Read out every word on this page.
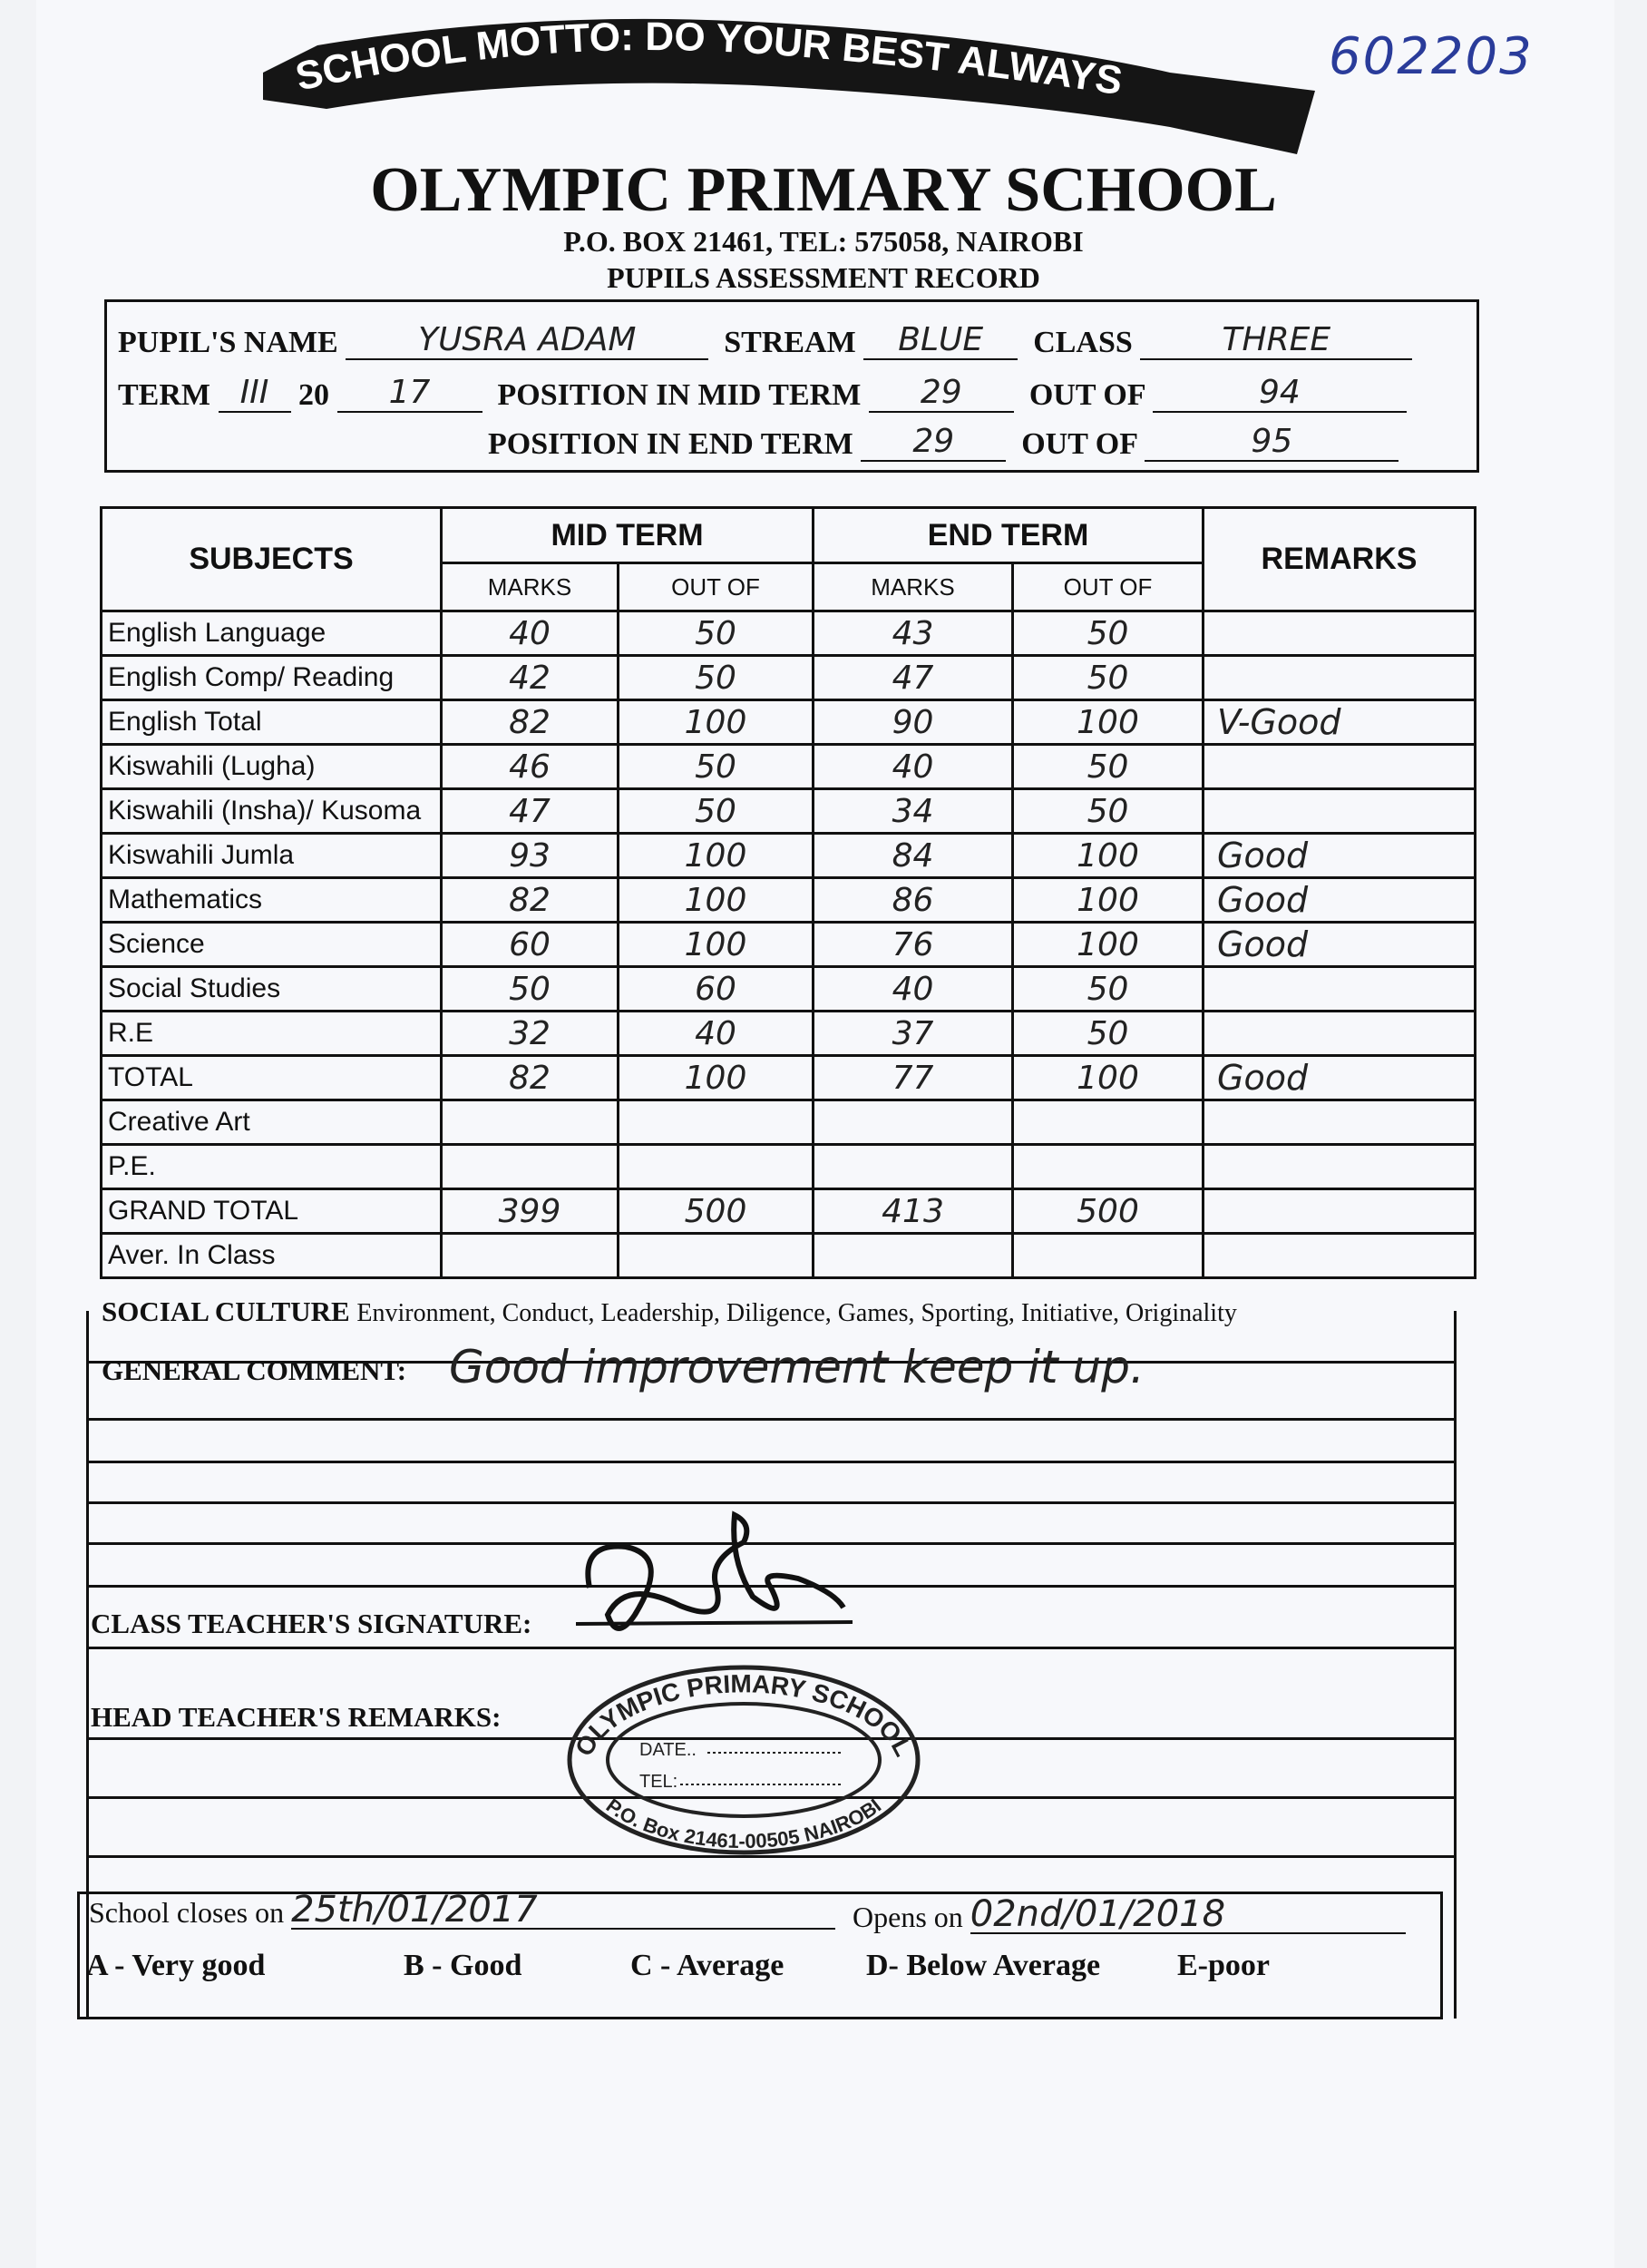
602203
SCHOOL MOTTO: DO YOUR BEST ALWAYS
OLYMPIC PRIMARY SCHOOL
P.O. BOX 21461, TEL: 575058, NAIROBI
PUPILS ASSESSMENT RECORD
PUPIL'S NAME YUSRA ADAM	STREAM BLUE CLASS	THREE
TERM III 20 17 POSITION IN MID TERM 29 OUT OF	94
POSITION IN END TERM 29 OUT OF	95
SUBJECTS	MID TERM		END TERM		REMARKS
	MARKS	OUT OF	MARKS	OUT OF	
English Language	40	50	43	50	
English Comp/ Reading	42	50	47	50	
English Total	82	100	90	100	V-Good
Kiswahili (Lugha)	46	50	40	50	
Kiswahili (Insha)/ Kusoma	47	50	34	50	
Kiswahili Jumla	93	100	84	100	Good
Mathematics	82	100	86	100	Good
Science	60	100	76	100	Good
Social Studies	50	60	40	50	
R.E	32	40	37	50	
TOTAL	82	100	77	100	Good
Creative Art					
P.E.					
GRAND TOTAL	399	500	413	500	
Aver. In Class					
SOCIAL CULTURE Environment, Conduct, Leadership, Diligence, Games, Sporting, Initiative, Originality
GENERAL COMMENT: Good improvement keep it up.
CLASS TEACHER'S SIGNATURE:
HEAD TEACHER'S REMARKS:
OLYMPIC PRIMARY SCHOOL
P.O. Box 21461-00505 NAIROBI
DATE..
TEL:
School closes on 25th/01/2017	Opens on 02nd/01/2018
A - Very good	B - Good	C - Average	D- Below Average E-poor
